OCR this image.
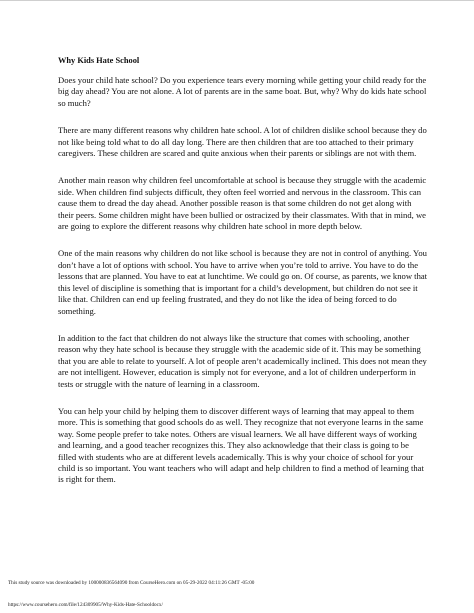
Why Kids Hate School

Does your child hate school? Do you experience tears every morning while getting your child ready for the big day ahead? You are not alone. A lot of parents are in the same boat. But, why? Why do kids hate school so much?

There are many different reasons why children hate school. A lot of children dislike school because they do not like being told what to do all day long. There are then children that are too attached to their primary caregivers. These children are scared and quite anxious when their parents or siblings are not with them.

Another main reason why children feel uncomfortable at school is because they struggle with the academic side. When children find subjects difficult, they often feel worried and nervous in the classroom. This can cause them to dread the day ahead. Another possible reason is that some children do not get along with their peers. Some children might have been bullied or ostracized by their classmates. With that in mind, we are going to explore the different reasons why children hate school in more depth below.

One of the main reasons why children do not like school is because they are not in control of anything. You don’t have a lot of options with school. You have to arrive when you’re told to arrive. You have to do the lessons that are planned. You have to eat at lunchtime. We could go on. Of course, as parents, we know that this level of discipline is something that is important for a child’s development, but children do not see it like that. Children can end up feeling frustrated, and they do not like the idea of being forced to do something.

In addition to the fact that children do not always like the structure that comes with schooling, another reason why they hate school is because they struggle with the academic side of it. This may be something that you are able to relate to yourself. A lot of people aren’t academically inclined. This does not mean they are not intelligent. However, education is simply not for everyone, and a lot of children underperform in tests or struggle with the nature of learning in a classroom.

You can help your child by helping them to discover different ways of learning that may appeal to them more. This is something that good schools do as well. They recognize that not everyone learns in the same way. Some people prefer to take notes. Others are visual learners. We all have different ways of working and learning, and a good teacher recognizes this. They also acknowledge that their class is going to be filled with students who are at different levels academically. This is why your choice of school for your child is so important. You want teachers who will adapt and help children to find a method of learning that is right for them.

This study source was downloaded by 100000836564090 from CourseHero.com on 05-29-2022 04:11:26 GMT -05:00
https://www.coursehero.com/file/124309905/Why-Kids-Hate-Schooldocx/
